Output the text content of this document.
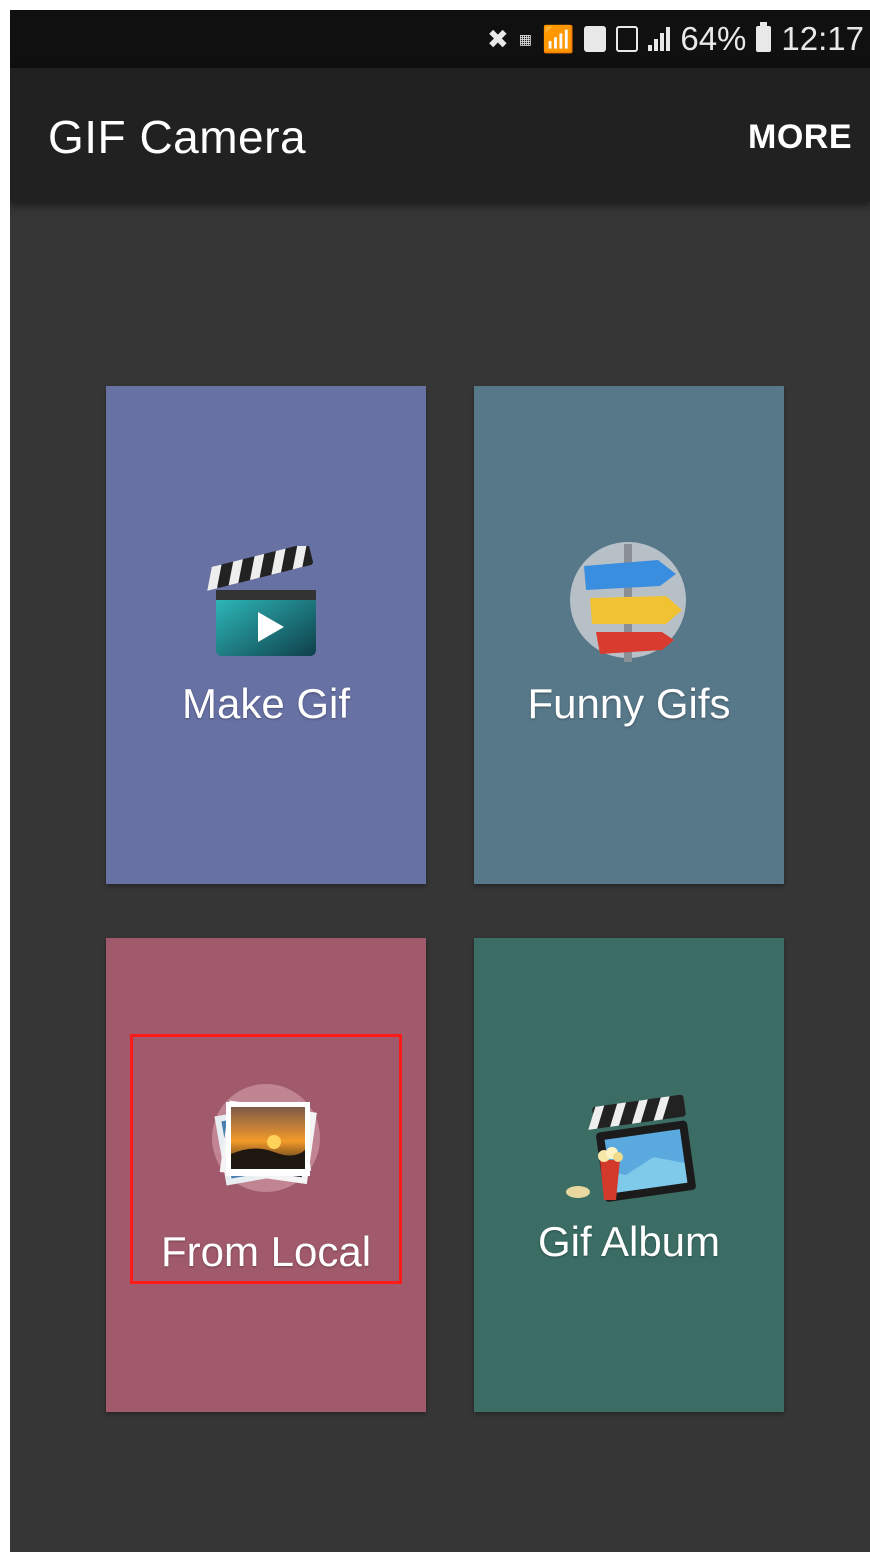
✖ ▦ 📶	64% 12:17
GIF Camera	MORE
Make Gif	Funny Gifs
From Local	Gif Album
